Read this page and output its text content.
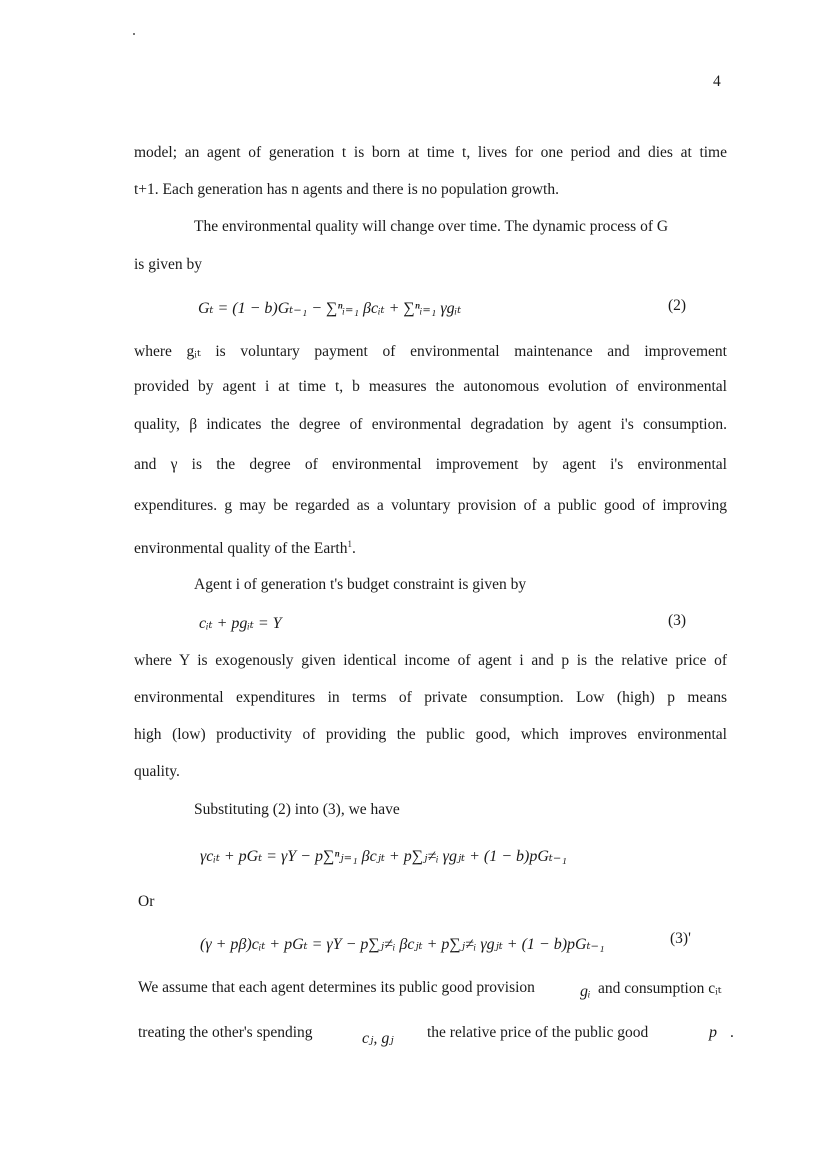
4
model; an agent of generation t is born at time t, lives for one period and dies at time
t+1. Each generation has n agents and there is no population growth.
The environmental quality will change over time. The dynamic process of G
is given by
Gₜ = (1 − b)Gₜ₋₁ − ∑ⁿᵢ₌₁ βcᵢₜ + ∑ⁿᵢ₌₁ γgᵢₜ	(2)
where gᵢₜ is voluntary payment of environmental maintenance and improvement
provided by agent i at time t, b measures the autonomous evolution of environmental
quality, β indicates the degree of environmental degradation by agent i's consumption.
and γ is the degree of environmental improvement by agent i's environmental
expenditures. g may be regarded as a voluntary provision of a public good of improving
environmental quality of the Earth$^1$.
Agent i of generation t's budget constraint is given by
cᵢₜ + pgᵢₜ = Y	(3)
where Y is exogenously given identical income of agent i and p is the relative price of
environmental expenditures in terms of private consumption. Low (high) p means
high (low) productivity of providing the public good, which improves environmental
quality.
Substituting (2) into (3), we have
γcᵢₜ + pGₜ = γY − p∑ⁿⱼ₌₁ βcⱼₜ + p∑ⱼ≠ᵢ γgⱼₜ + (1 − b)pGₜ₋₁
Or
(γ + pβ)cᵢₜ + pGₜ = γY − p∑ⱼ≠ᵢ βcⱼₜ + p∑ⱼ≠ᵢ γgⱼₜ + (1 − b)pGₜ₋₁	(3)'
We assume that each agent determines its public good provision	gᵢ and consumption cᵢₜ
treating the other's spending	cⱼ, gⱼ the relative price of the public good	p .
